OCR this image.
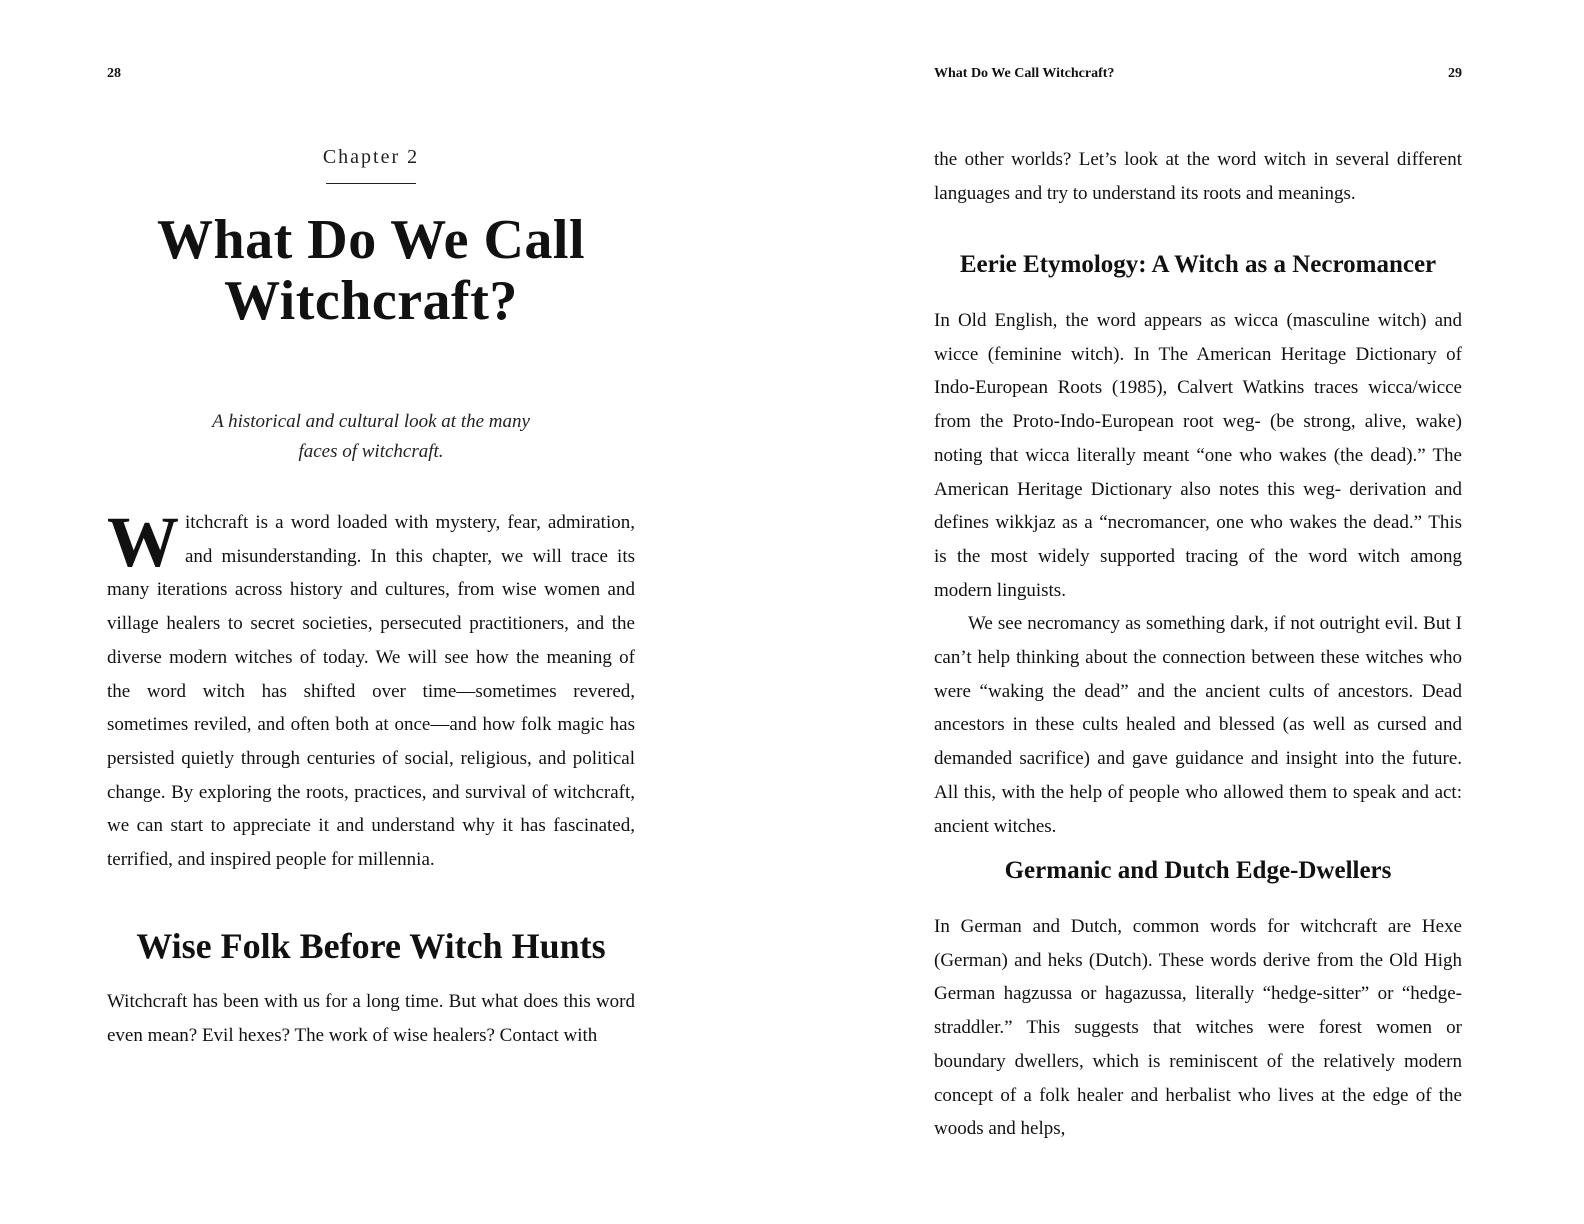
28
Chapter 2
What Do We Call Witchcraft?
A historical and cultural look at the many
faces of witchcraft.
Witchcraft is a word loaded with mystery, fear, admiration, and misunderstanding. In this chapter, we will trace its many iterations across history and cultures, from wise women and village healers to secret societies, persecuted practitioners, and the diverse modern witches of today. We will see how the meaning of the word witch has shifted over time—sometimes revered, sometimes reviled, and often both at once—and how folk magic has persisted quietly through centuries of social, religious, and political change. By exploring the roots, practices, and survival of witchcraft, we can start to appreciate it and understand why it has fascinated, terrified, and inspired people for millennia.
Wise Folk Before Witch Hunts

Witchcraft has been with us for a long time. But what does this word even mean? Evil hexes? The work of wise healers? Contact with

What Do We Call Witchcraft?	29

the other worlds? Let’s look at the word witch in several different languages and try to understand its roots and meanings.

Eerie Etymology: A Witch as a Necromancer

In Old English, the word appears as wicca (masculine witch) and wicce (feminine witch). In The American Heritage Dictionary of Indo-European Roots (1985), Calvert Watkins traces wicca/wicce from the Proto-Indo-European root weg- (be strong, alive, wake) noting that wicca literally meant “one who wakes (the dead).” The American Heritage Dictionary also notes this weg- derivation and defines wikkjaz as a “necromancer, one who wakes the dead.” This is the most widely supported tracing of the word witch among modern linguists.

We see necromancy as something dark, if not outright evil. But I can’t help thinking about the connection between these witches who were “waking the dead” and the ancient cults of ancestors. Dead ancestors in these cults healed and blessed (as well as cursed and demanded sacrifice) and gave guidance and insight into the future. All this, with the help of people who allowed them to speak and act: ancient witches.

Germanic and Dutch Edge-Dwellers

In German and Dutch, common words for witchcraft are Hexe (German) and heks (Dutch). These words derive from the Old High German hagzussa or hagazussa, literally “hedge-sitter” or “hedge-straddler.” This suggests that witches were forest women or boundary dwellers, which is reminiscent of the relatively modern concept of a folk healer and herbalist who lives at the edge of the woods and helps,
